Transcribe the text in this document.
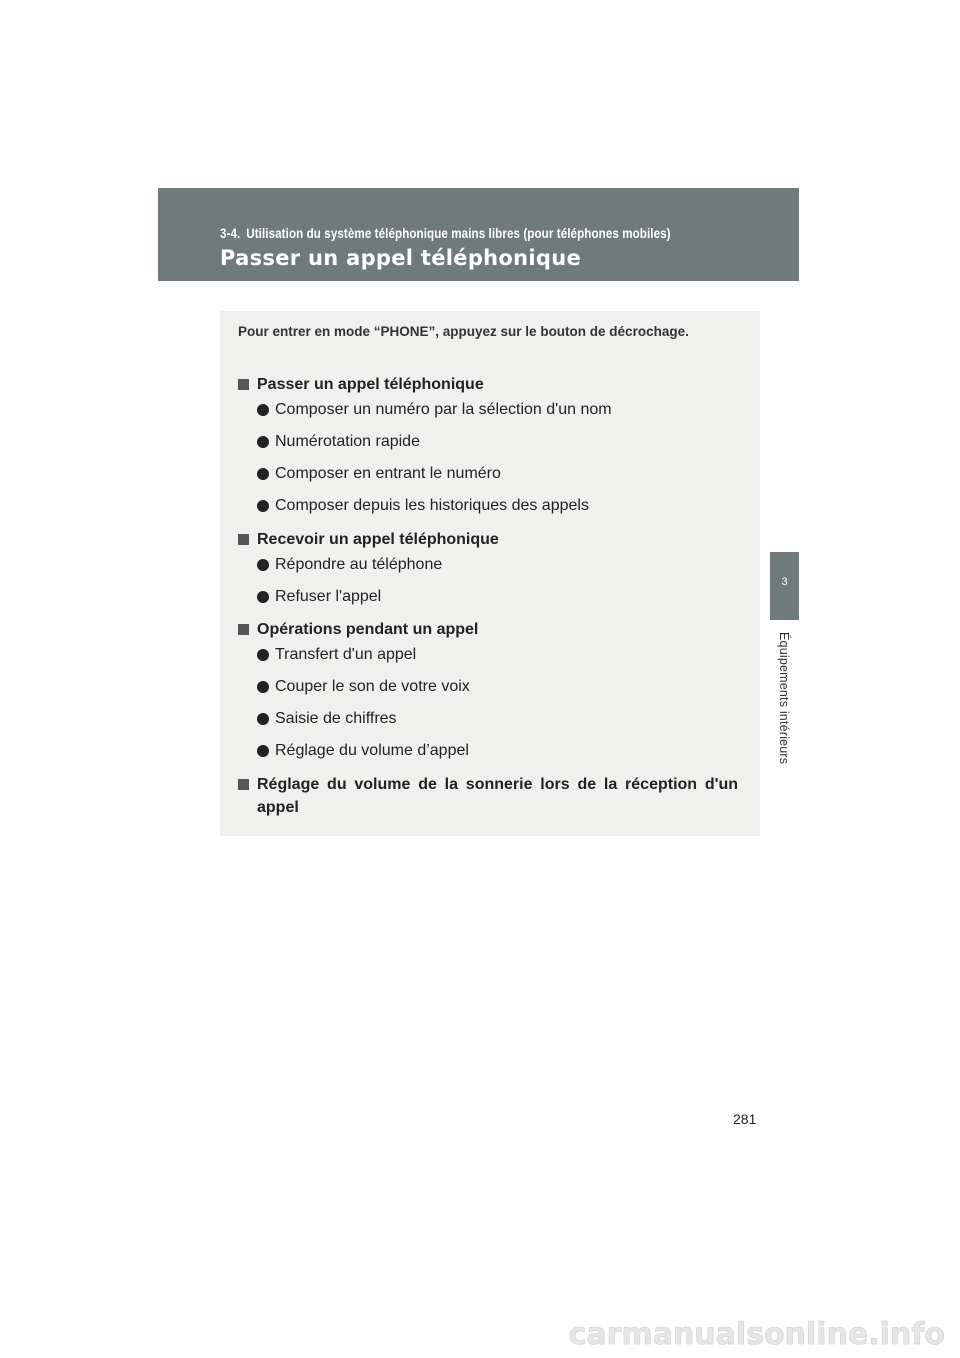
3-4. Utilisation du système téléphonique mains libres (pour téléphones mobiles)
Passer un appel téléphonique
3
Équipements intérieurs

Pour entrer en mode “PHONE”, appuyez sur le bouton de décrochage.

Passer un appel téléphonique
Composer un numéro par la sélection d'un nom
Numérotation rapide
Composer en entrant le numéro
Composer depuis les historiques des appels
Recevoir un appel téléphonique
Répondre au téléphone
Refuser l'appel
Opérations pendant un appel
Transfert d'un appel
Couper le son de votre voix
Saisie de chiffres
Réglage du volume d’appel
Réglage du volume de la sonnerie lors de la réception d'un appel
281
carmanualsonline.info
